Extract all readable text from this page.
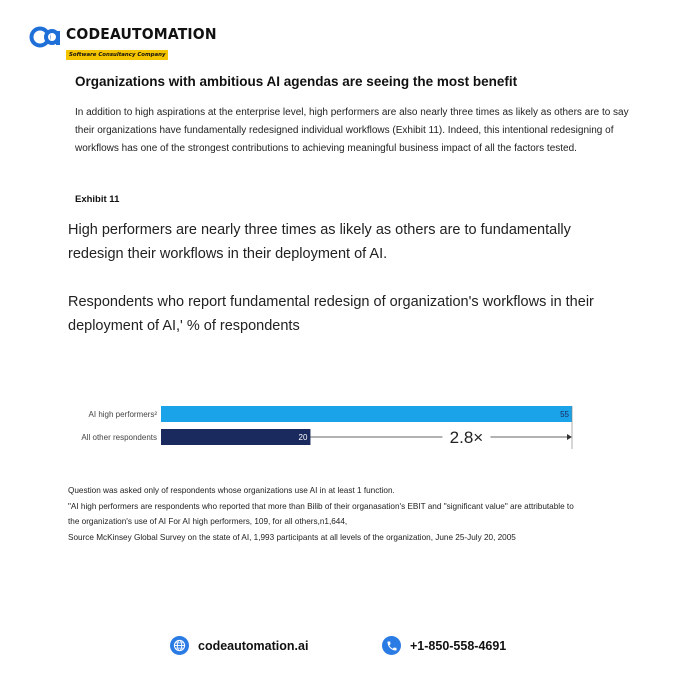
CODEAUTOMATION
Software Consultancy Company
Organizations with ambitious AI agendas are seeing the most benefit
In addition to high aspirations at the enterprise level, high performers are also nearly three times as likely as others are to say their organizations have fundamentally redesigned individual workflows (Exhibit 11). Indeed, this intentional redesigning of workflows has one of the strongest contributions to achieving meaningful business impact of all the factors tested.
Exhibit 11
High performers are nearly three times as likely as others are to fundamentally redesign their workflows in their deployment of AI.
Respondents who report fundamental redesign of organization's workflows in their deployment of AI,' % of respondents
AI high performers²	55
All other respondents	20	2.8×
Question was asked only of respondents whose organizations use AI in at least 1 function.
"AI high performers are respondents who reported that more than Bilib of their organasation's EBIT and "significant value" are attributable to
the organization's use of AI For AI high performers, 109, for all others,n1,644,
Source McKinsey Global Survey on the state of AI, 1,993 participants at all levels of the organization, June 25-July 20, 2005
codeautomation.ai	+1-850-558-4691
